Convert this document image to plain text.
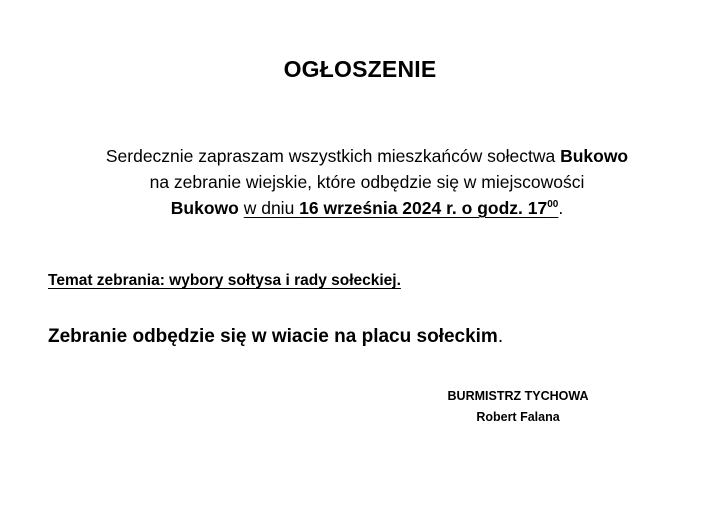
OGŁOSZENIE
Serdecznie zapraszam wszystkich mieszkańców sołectwa Bukowo
na zebranie wiejskie, które odbędzie się w miejscowości
Bukowo w dniu 16 września 2024 r. o godz. $17^{00}$.
Temat zebrania: wybory sołtysa i rady sołeckiej.
Zebranie odbędzie się w wiacie na placu sołeckim.
BURMISTRZ TYCHOWA
Robert Falana
